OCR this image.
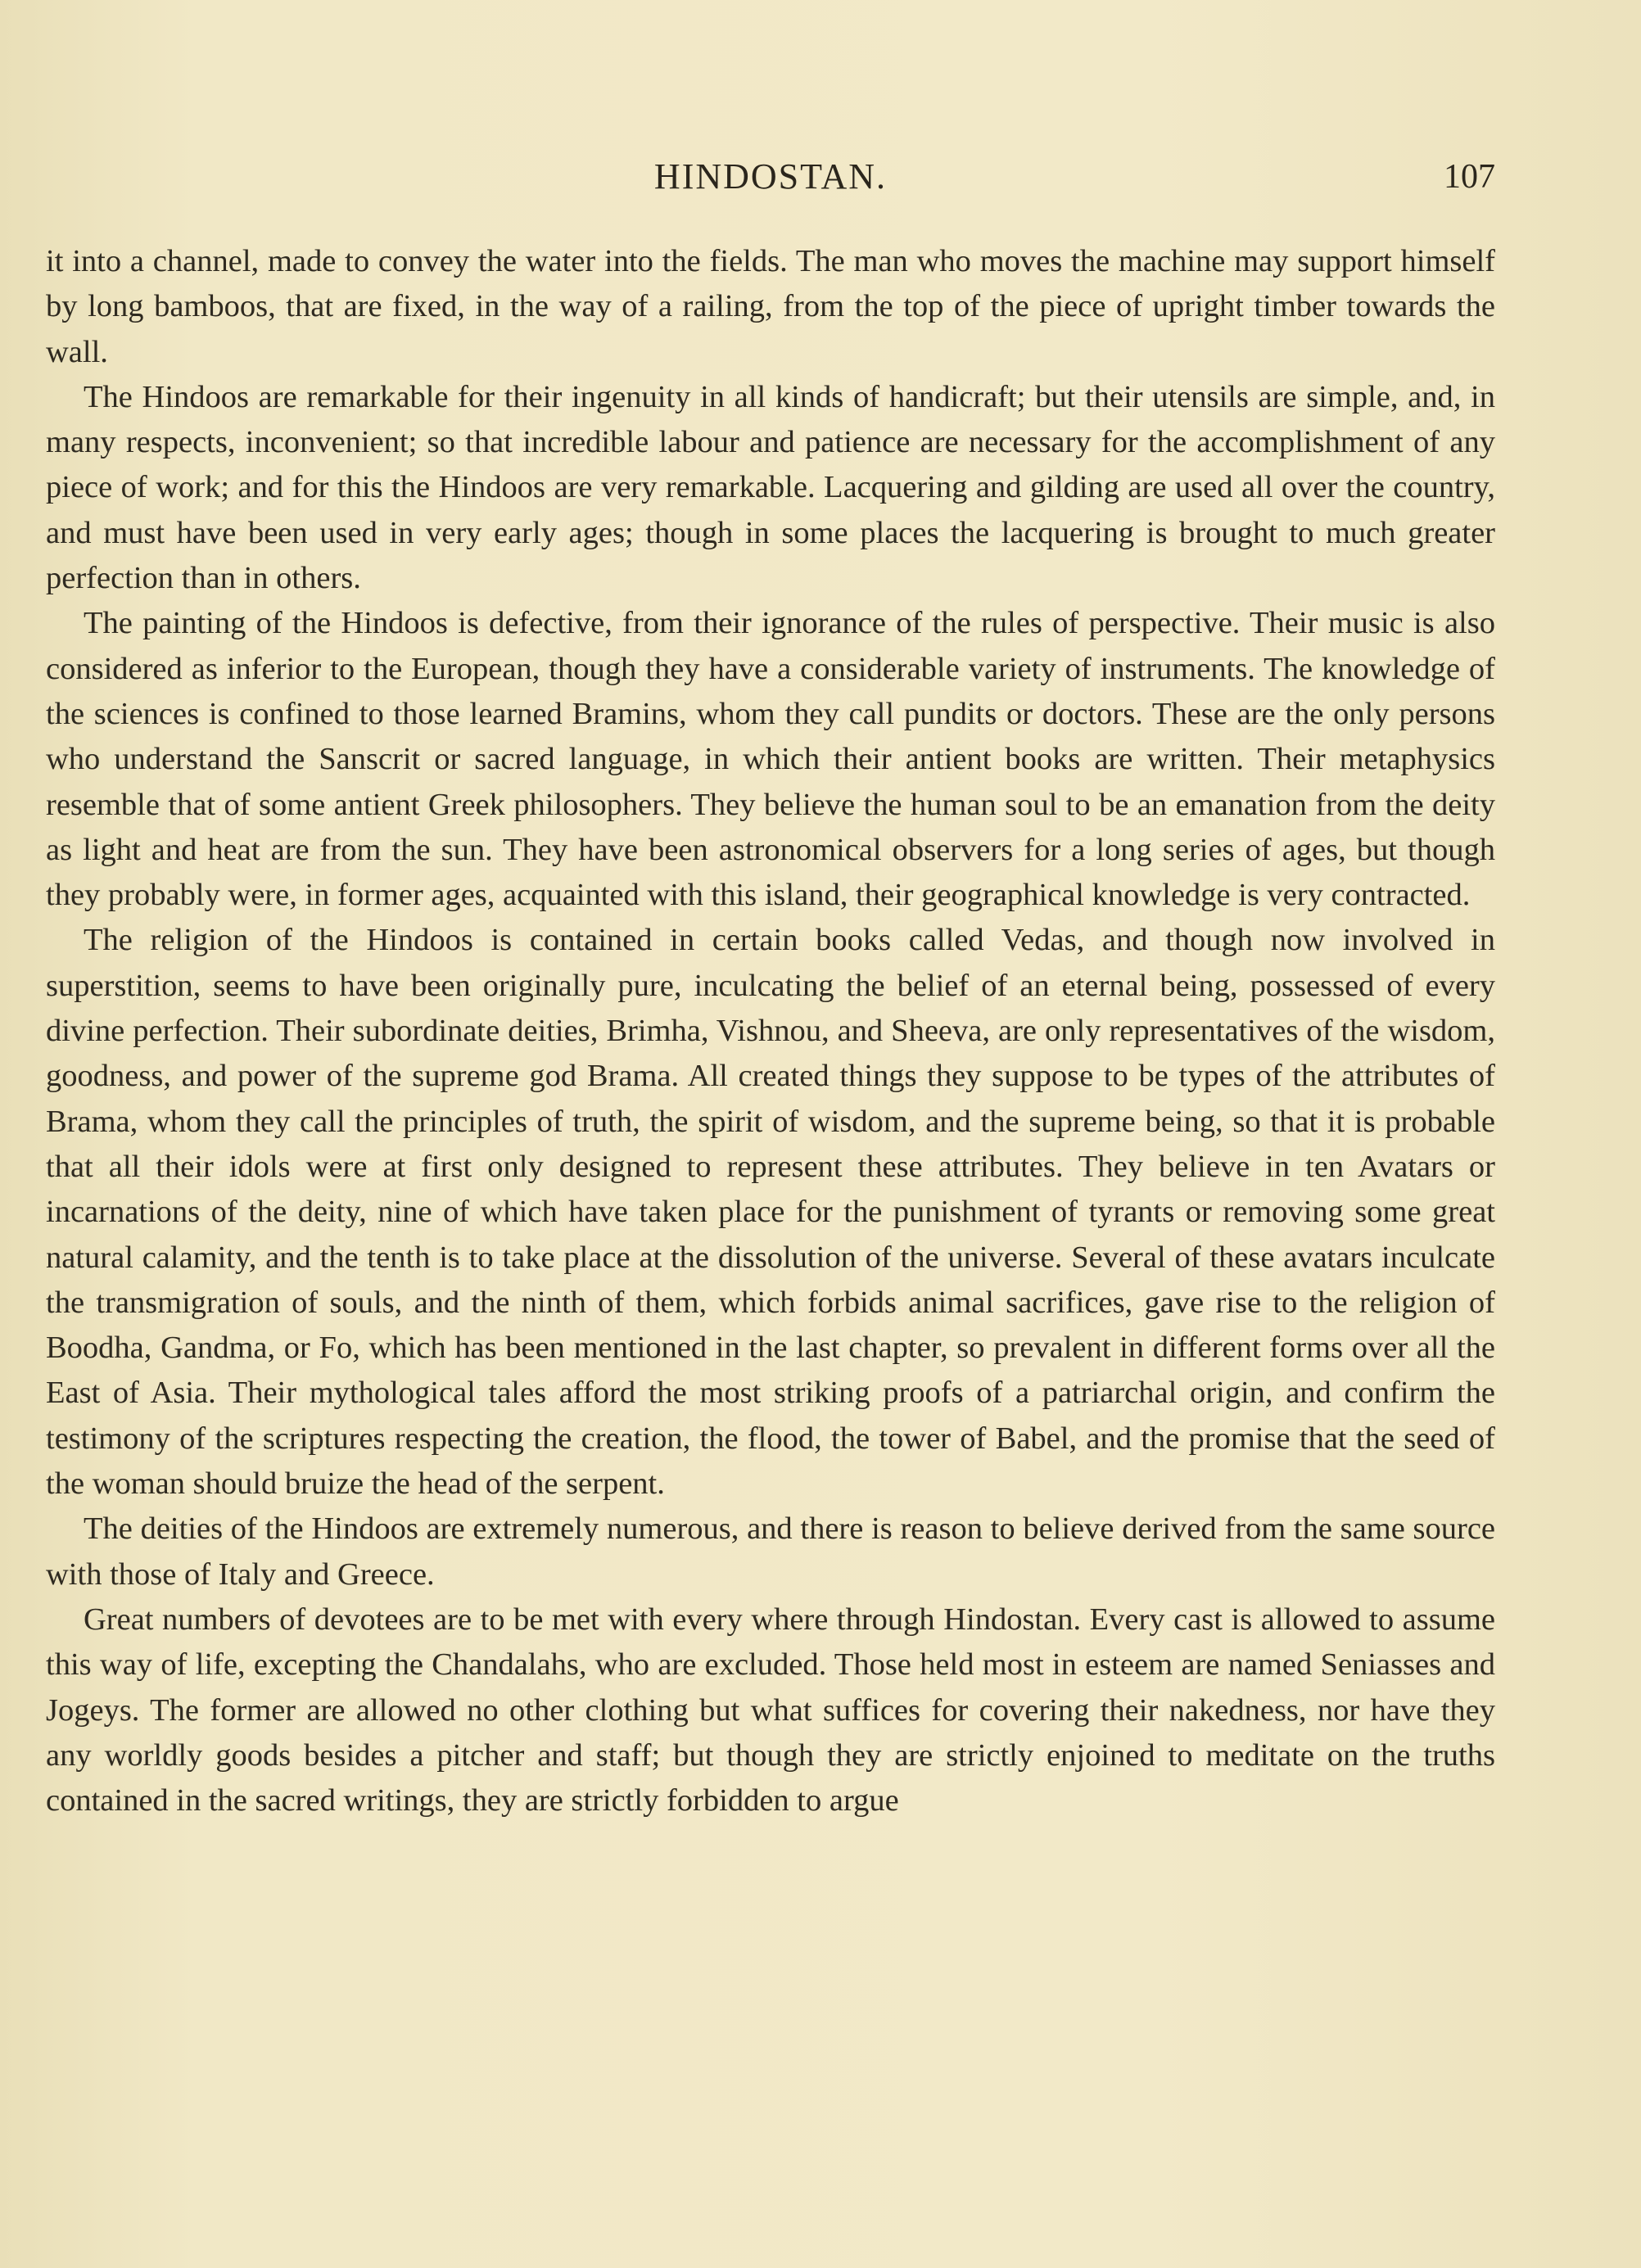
HINDOSTAN.	107

it into a channel, made to convey the water into the fields. The man who moves the machine may support himself by long bamboos, that are fixed, in the way of a railing, from the top of the piece of upright timber towards the wall.

The Hindoos are remarkable for their ingenuity in all kinds of handicraft; but their utensils are simple, and, in many respects, inconvenient; so that incredible labour and patience are necessary for the accomplishment of any piece of work; and for this the Hindoos are very remarkable. Lacquering and gilding are used all over the country, and must have been used in very early ages; though in some places the lacquering is brought to much greater perfection than in others.

The painting of the Hindoos is defective, from their ignorance of the rules of perspective. Their music is also considered as inferior to the European, though they have a considerable variety of instruments. The knowledge of the sciences is confined to those learned Bramins, whom they call pundits or doctors. These are the only persons who understand the Sanscrit or sacred language, in which their antient books are written. Their metaphysics resemble that of some antient Greek philosophers. They believe the human soul to be an emanation from the deity as light and heat are from the sun. They have been astronomical observers for a long series of ages, but though they probably were, in former ages, acquainted with this island, their geographical knowledge is very contracted.

The religion of the Hindoos is contained in certain books called Vedas, and though now involved in superstition, seems to have been originally pure, inculcating the belief of an eternal being, possessed of every divine perfection. Their subordinate deities, Brimha, Vishnou, and Sheeva, are only representatives of the wisdom, goodness, and power of the supreme god Brama. All created things they suppose to be types of the attributes of Brama, whom they call the principles of truth, the spirit of wisdom, and the supreme being, so that it is probable that all their idols were at first only designed to represent these attributes. They believe in ten Avatars or incarnations of the deity, nine of which have taken place for the punishment of tyrants or removing some great natural calamity, and the tenth is to take place at the dissolution of the universe. Several of these avatars inculcate the transmigration of souls, and the ninth of them, which forbids animal sacrifices, gave rise to the religion of Boodha, Gandma, or Fo, which has been mentioned in the last chapter, so prevalent in different forms over all the East of Asia. Their mythological tales afford the most striking proofs of a patriarchal origin, and confirm the testimony of the scriptures respecting the creation, the flood, the tower of Babel, and the promise that the seed of the woman should bruize the head of the serpent.

The deities of the Hindoos are extremely numerous, and there is reason to believe derived from the same source with those of Italy and Greece.

Great numbers of devotees are to be met with every where through Hindostan. Every cast is allowed to assume this way of life, excepting the Chandalahs, who are excluded. Those held most in esteem are named Seniasses and Jogeys. The former are allowed no other clothing but what suffices for covering their nakedness, nor have they any worldly goods besides a pitcher and staff; but though they are strictly enjoined to meditate on the truths contained in the sacred writings, they are strictly forbidden to argue
